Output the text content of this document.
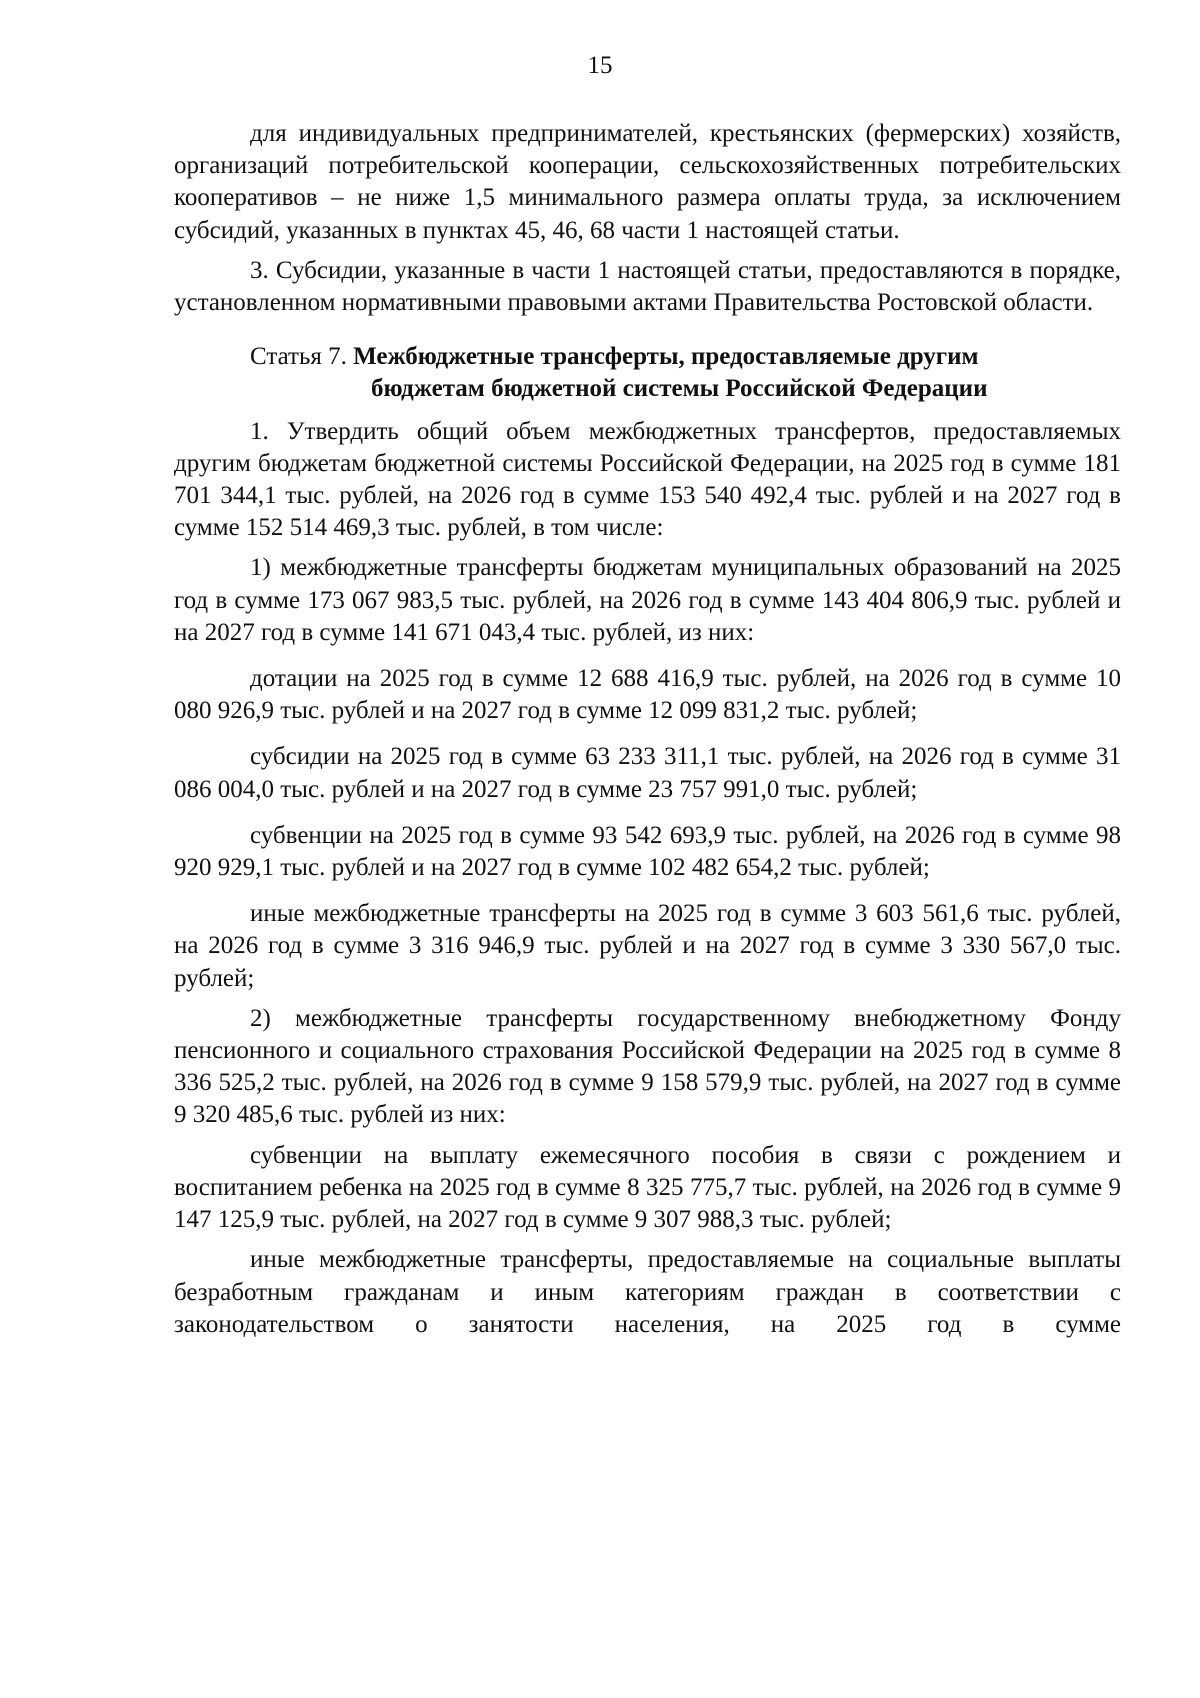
15

для индивидуальных предпринимателей, крестьянских (фермерских) хозяйств, организаций потребительской кооперации, сельскохозяйственных потребительских кооперативов – не ниже 1,5 минимального размера оплаты труда, за исключением субсидий, указанных в пунктах 45, 46, 68 части 1 настоящей статьи.

3. Субсидии, указанные в части 1 настоящей статьи, предоставляются в порядке, установленном нормативными правовыми актами Правительства Ростовской области.

Статья 7. Межбюджетные трансферты, предоставляемые другим
бюджетам бюджетной системы Российской Федерации

1. Утвердить общий объем межбюджетных трансфертов, предоставляемых другим бюджетам бюджетной системы Российской Федерации, на 2025 год в сумме 181 701 344,1 тыс. рублей, на 2026 год в сумме 153 540 492,4 тыс. рублей и на 2027 год в сумме 152 514 469,3 тыс. рублей, в том числе:

1) межбюджетные трансферты бюджетам муниципальных образований на 2025 год в сумме 173 067 983,5 тыс. рублей, на 2026 год в сумме 143 404 806,9 тыс. рублей и на 2027 год в сумме 141 671 043,4 тыс. рублей, из них:

дотации на 2025 год в сумме 12 688 416,9 тыс. рублей, на 2026 год в сумме 10 080 926,9 тыс. рублей и на 2027 год в сумме 12 099 831,2 тыс. рублей;

субсидии на 2025 год в сумме 63 233 311,1 тыс. рублей, на 2026 год в сумме 31 086 004,0 тыс. рублей и на 2027 год в сумме 23 757 991,0 тыс. рублей;

субвенции на 2025 год в сумме 93 542 693,9 тыс. рублей, на 2026 год в сумме 98 920 929,1 тыс. рублей и на 2027 год в сумме 102 482 654,2 тыс. рублей;

иные межбюджетные трансферты на 2025 год в сумме 3 603 561,6 тыс. рублей, на 2026 год в сумме 3 316 946,9 тыс. рублей и на 2027 год в сумме 3 330 567,0 тыс. рублей;

2) межбюджетные трансферты государственному внебюджетному Фонду пенсионного и социального страхования Российской Федерации на 2025 год в сумме 8 336 525,2 тыс. рублей, на 2026 год в сумме 9 158 579,9 тыс. рублей, на 2027 год в сумме 9 320 485,6 тыс. рублей из них:

субвенции на выплату ежемесячного пособия в связи с рождением и воспитанием ребенка на 2025 год в сумме 8 325 775,7 тыс. рублей, на 2026 год в сумме 9 147 125,9 тыс. рублей, на 2027 год в сумме 9 307 988,3 тыс. рублей;

иные межбюджетные трансферты, предоставляемые на социальные выплаты безработным гражданам и иным категориям граждан в соответствии с законодательством о занятости населения, на 2025 год в сумме
